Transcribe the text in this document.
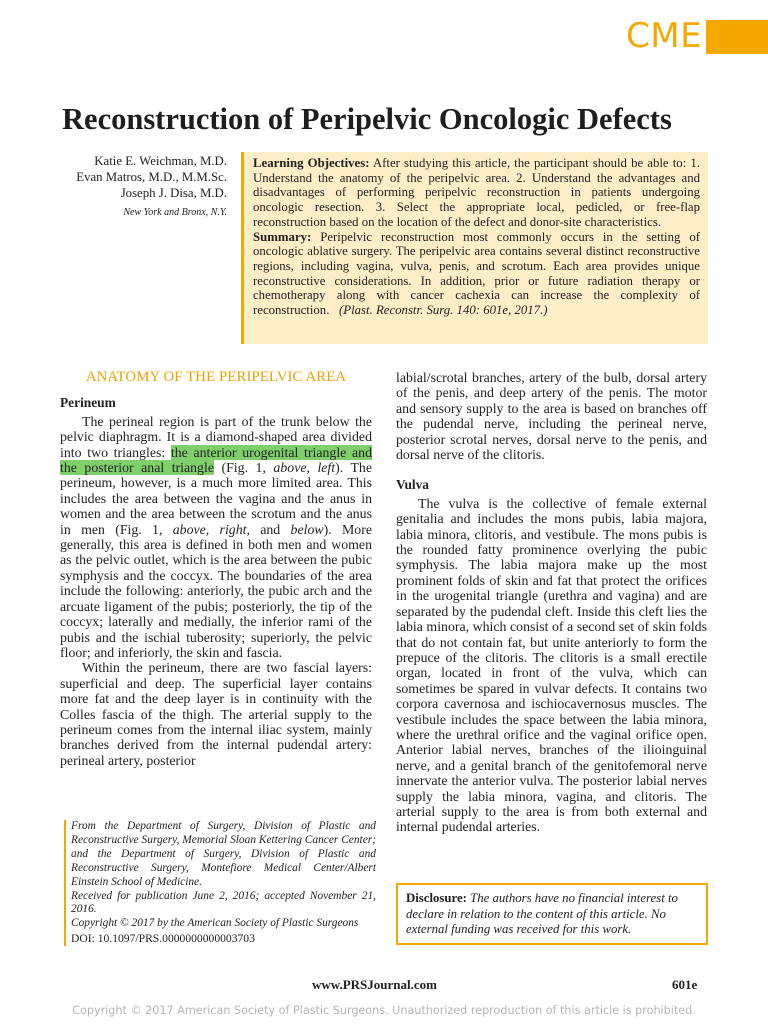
CME
Reconstruction of Peripelvic Oncologic Defects
Katie E. Weichman, M.D.
Evan Matros, M.D., M.M.Sc.
Joseph J. Disa, M.D.
New York and Bronx, N.Y.
Learning Objectives: After studying this article, the participant should be able to: 1. Understand the anatomy of the peripelvic area. 2. Understand the advantages and disadvantages of performing peripelvic reconstruction in patients undergoing oncologic resection. 3. Select the appropriate local, pedicled, or free-flap reconstruction based on the location of the defect and donor-site characteristics.
Summary: Peripelvic reconstruction most commonly occurs in the setting of oncologic ablative surgery. The peripelvic area contains several distinct reconstructive regions, including vagina, vulva, penis, and scrotum. Each area provides unique reconstructive considerations. In addition, prior or future radiation therapy or chemotherapy along with cancer cachexia can increase the complexity of reconstruction. (Plast. Reconstr. Surg. 140: 601e, 2017.)
ANATOMY OF THE PERIPELVIC AREA
Perineum

The perineal region is part of the trunk below the pelvic diaphragm. It is a diamond-shaped area divided into two triangles: the anterior urogenital triangle and the posterior anal triangle (Fig. 1, above, left). The perineum, however, is a much more limited area. This includes the area between the vagina and the anus in women and the area between the scrotum and the anus in men (Fig. 1, above, right, and below). More generally, this area is defined in both men and women as the pelvic outlet, which is the area between the pubic symphysis and the coccyx. The boundaries of the area include the following: anteriorly, the pubic arch and the arcuate ligament of the pubis; posteriorly, the tip of the coccyx; laterally and medially, the inferior rami of the pubis and the ischial tuberosity; superiorly, the pelvic floor; and inferiorly, the skin and fascia.

Within the perineum, there are two fascial layers: superficial and deep. The superficial layer contains more fat and the deep layer is in continuity with the Colles fascia of the thigh. The arterial supply to the perineum comes from the internal iliac system, mainly branches derived from the internal pudendal artery: perineal artery, posterior

labial/scrotal branches, artery of the bulb, dorsal artery of the penis, and deep artery of the penis. The motor and sensory supply to the area is based on branches off the pudendal nerve, including the perineal nerve, posterior scrotal nerves, dorsal nerve to the penis, and dorsal nerve of the clitoris.

Vulva

The vulva is the collective of female external genitalia and includes the mons pubis, labia majora, labia minora, clitoris, and vestibule. The mons pubis is the rounded fatty prominence overlying the pubic symphysis. The labia majora make up the most prominent folds of skin and fat that protect the orifices in the urogenital triangle (urethra and vagina) and are separated by the pudendal cleft. Inside this cleft lies the labia minora, which consist of a second set of skin folds that do not contain fat, but unite anteriorly to form the prepuce of the clitoris. The clitoris is a small erectile organ, located in front of the vulva, which can sometimes be spared in vulvar defects. It contains two corpora cavernosa and ischiocavernosus muscles. The vestibule includes the space between the labia minora, where the urethral orifice and the vaginal orifice open. Anterior labial nerves, branches of the ilioinguinal nerve, and a genital branch of the genitofemoral nerve innervate the anterior vulva. The posterior labial nerves supply the labia minora, vagina, and clitoris. The arterial supply to the area is from both external and internal pudendal arteries.

From the Department of Surgery, Division of Plastic and Reconstructive Surgery, Memorial Sloan Kettering Cancer Center; and the Department of Surgery, Division of Plastic and Reconstructive Surgery, Montefiore Medical Center/Albert Einstein School of Medicine.
Received for publication June 2, 2016; accepted November 21, 2016.
Copyright © 2017 by the American Society of Plastic Surgeons
DOI: 10.1097/PRS.0000000000003703
Disclosure: The authors have no financial interest to declare in relation to the content of this article. No external funding was received for this work.
www.PRSJournal.com	601e
Copyright © 2017 American Society of Plastic Surgeons. Unauthorized reproduction of this article is prohibited.
